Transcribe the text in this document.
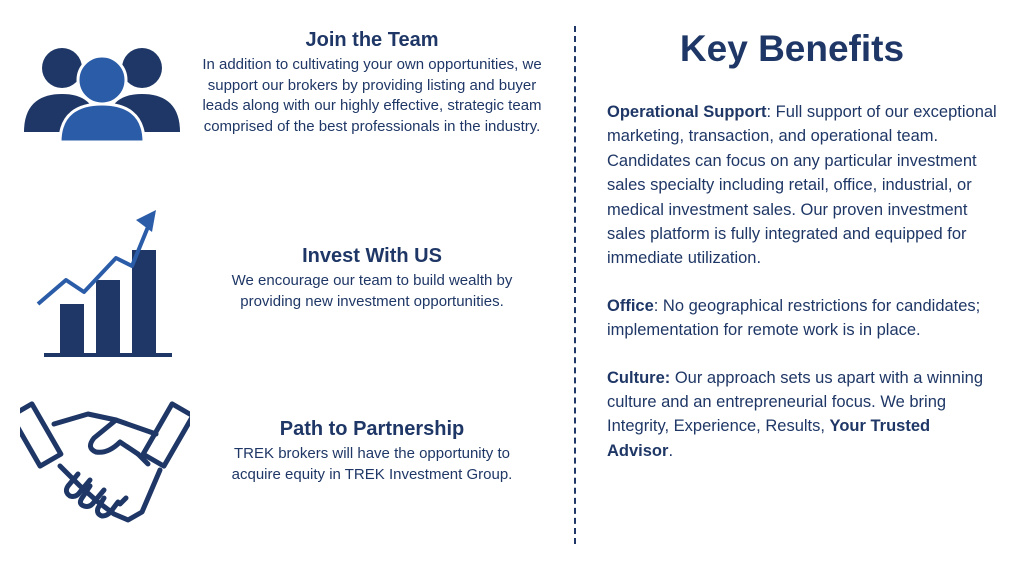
Join the Team

In addition to cultivating your own opportunities, we support our brokers by providing listing and buyer leads along with our highly effective, strategic team comprised of the best professionals in the industry.

Invest With US

We encourage our team to build wealth by providing new investment opportunities.

Path to Partnership

TREK brokers will have the opportunity to acquire equity in TREK Investment Group.

Key Benefits

Operational Support: Full support of our exceptional marketing, transaction, and operational team. Candidates can focus on any particular investment sales specialty including retail, office, industrial, or medical investment sales. Our proven investment sales platform is fully integrated and equipped for immediate utilization.

Office: No geographical restrictions for candidates; implementation for remote work is in place.

Culture: Our approach sets us apart with a winning culture and an entrepreneurial focus. We bring Integrity, Experience, Results, Your Trusted Advisor.
